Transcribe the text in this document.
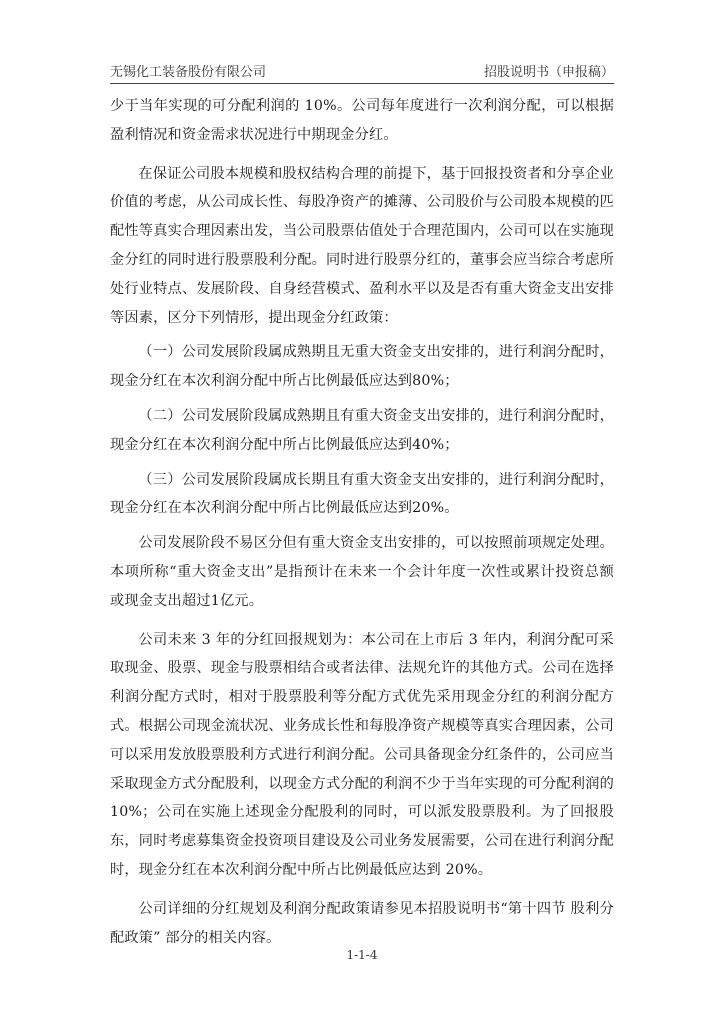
无锡化工装备股份有限公司	招股说明书（申报稿）

少于当年实现的可分配利润的 10%。公司每年度进行一次利润分配，可以根据盈利情况和资金需求状况进行中期现金分红。

在保证公司股本规模和股权结构合理的前提下，基于回报投资者和分享企业价值的考虑，从公司成长性、每股净资产的摊薄、公司股价与公司股本规模的匹配性等真实合理因素出发，当公司股票估值处于合理范围内，公司可以在实施现金分红的同时进行股票股利分配。同时进行股票分红的，董事会应当综合考虑所处行业特点、发展阶段、自身经营模式、盈利水平以及是否有重大资金支出安排等因素，区分下列情形，提出现金分红政策：

（一）公司发展阶段属成熟期且无重大资金支出安排的，进行利润分配时，现金分红在本次利润分配中所占比例最低应达到80%；

（二）公司发展阶段属成熟期且有重大资金支出安排的，进行利润分配时，现金分红在本次利润分配中所占比例最低应达到40%；

（三）公司发展阶段属成长期且有重大资金支出安排的，进行利润分配时，现金分红在本次利润分配中所占比例最低应达到20%。

公司发展阶段不易区分但有重大资金支出安排的，可以按照前项规定处理。本项所称“重大资金支出”是指预计在未来一个会计年度一次性或累计投资总额或现金支出超过1亿元。

公司未来 3 年的分红回报规划为：本公司在上市后 3 年内，利润分配可采取现金、股票、现金与股票相结合或者法律、法规允许的其他方式。公司在选择利润分配方式时，相对于股票股利等分配方式优先采用现金分红的利润分配方式。根据公司现金流状况、业务成长性和每股净资产规模等真实合理因素，公司可以采用发放股票股利方式进行利润分配。公司具备现金分红条件的，公司应当采取现金方式分配股利，以现金方式分配的利润不少于当年实现的可分配利润的 10%；公司在实施上述现金分配股利的同时，可以派发股票股利。为了回报股东，同时考虑募集资金投资项目建设及公司业务发展需要，公司在进行利润分配时，现金分红在本次利润分配中所占比例最低应达到 20%。

公司详细的分红规划及利润分配政策请参见本招股说明书“第十四节 股利分配政策” 部分的相关内容。

1-1-4
